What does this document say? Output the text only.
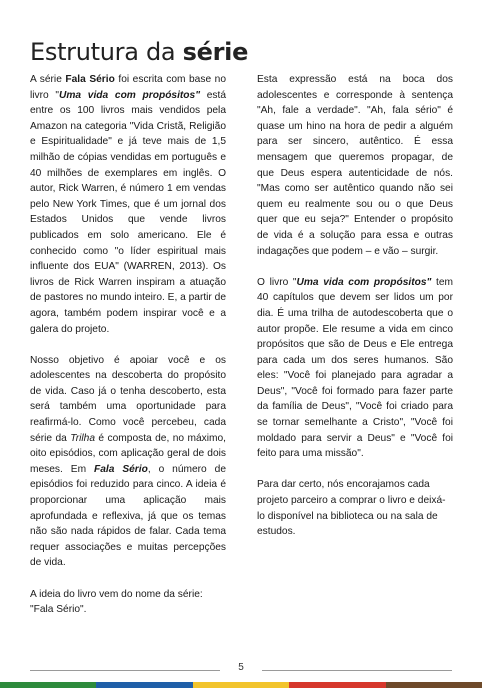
Estrutura da série

A série Fala Sério foi escrita com base no livro "Uma vida com propósitos" está entre os 100 livros mais vendidos pela Amazon na categoria "Vida Cristã, Religião e Espiritualidade" e já teve mais de 1,5 milhão de cópias vendidas em português e 40 milhões de exemplares em inglês. O autor, Rick Warren, é número 1 em vendas pelo New York Times, que é um jornal dos Estados Unidos que vende livros publicados em solo americano. Ele é conhecido como "o líder espiritual mais influente dos EUA" (WARREN, 2013). Os livros de Rick Warren inspiram a atuação de pastores no mundo inteiro. E, a partir de agora, também podem inspirar você e a galera do projeto.

Nosso objetivo é apoiar você e os adolescentes na descoberta do propósito de vida. Caso já o tenha descoberto, esta será também uma oportunidade para reafirmá-lo. Como você percebeu, cada série da Trilha é composta de, no máximo, oito episódios, com aplicação geral de dois meses. Em Fala Sério, o número de episódios foi reduzido para cinco. A ideia é proporcionar uma aplicação mais aprofundada e reflexiva, já que os temas não são nada rápidos de falar. Cada tema requer associações e muitas percepções de vida.

A ideia do livro vem do nome da série: "Fala Sério".

Esta expressão está na boca dos adolescentes e corresponde à sentença "Ah, fale a verdade". "Ah, fala sério" é quase um hino na hora de pedir a alguém para ser sincero, autêntico. É essa mensagem que queremos propagar, de que Deus espera autenticidade de nós. "Mas como ser autêntico quando não sei quem eu realmente sou ou o que Deus quer que eu seja?" Entender o propósito de vida é a solução para essa e outras indagações que podem – e vão – surgir.

O livro "Uma vida com propósitos" tem 40 capítulos que devem ser lidos um por dia. É uma trilha de autodescoberta que o autor propõe. Ele resume a vida em cinco propósitos que são de Deus e Ele entrega para cada um dos seres humanos. São eles: "Você foi planejado para agradar a Deus", "Você foi formado para fazer parte da família de Deus", "Você foi criado para se tornar semelhante a Cristo", "Você foi moldado para servir a Deus" e "Você foi feito para uma missão".

Para dar certo, nós encorajamos cada projeto parceiro a comprar o livro e deixá-lo disponível na biblioteca ou na sala de estudos.

5
